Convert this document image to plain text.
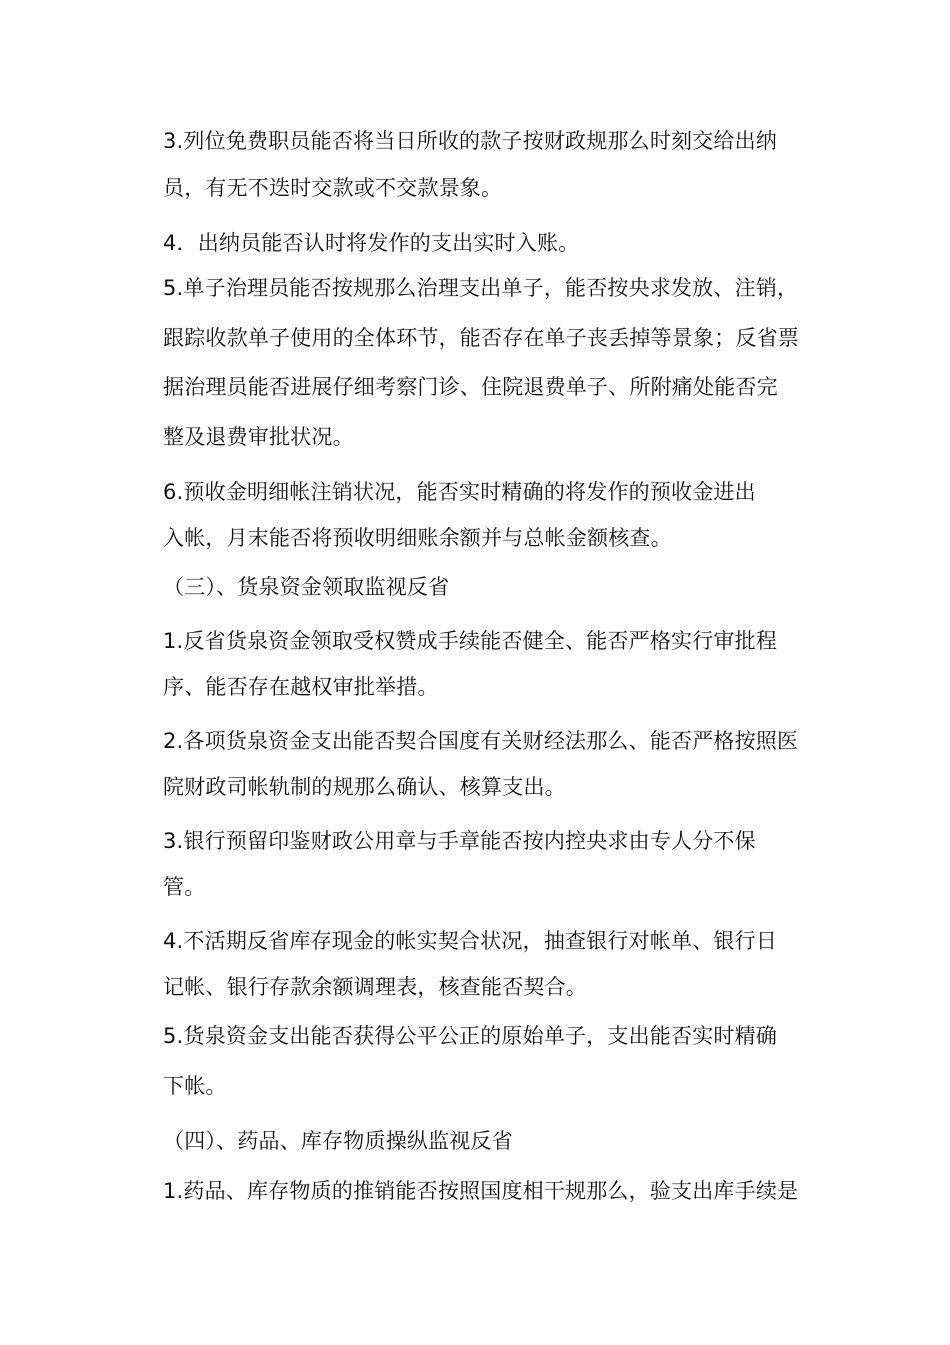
3.列位免费职员能否将当日所收的款子按财政规那么时刻交给出纳
员，有无不迭时交款或不交款景象。
4．出纳员能否认时将发作的支出实时入账。
5.单子治理员能否按规那么治理支出单子，能否按央求发放、注销，
跟踪收款单子使用的全体环节，能否存在单子丧丢掉等景象；反省票
据治理员能否进展仔细考察门诊、住院退费单子、所附痛处能否完
整及退费审批状况。
6.预收金明细帐注销状况，能否实时精确的将发作的预收金进出
入帐，月末能否将预收明细账余额并与总帐金额核查。
（三）、货泉资金领取监视反省
1.反省货泉资金领取受权赞成手续能否健全、能否严格实行审批程
序、能否存在越权审批举措。
2.各项货泉资金支出能否契合国度有关财经法那么、能否严格按照医
院财政司帐轨制的规那么确认、核算支出。
3.银行预留印鉴财政公用章与手章能否按内控央求由专人分不保
管。
4.不活期反省库存现金的帐实契合状况，抽查银行对帐单、银行日
记帐、银行存款余额调理表，核查能否契合。
5.货泉资金支出能否获得公平公正的原始单子，支出能否实时精确
下帐。
（四）、药品、库存物质操纵监视反省
1.药品、库存物质的推销能否按照国度相干规那么，验支出库手续是
